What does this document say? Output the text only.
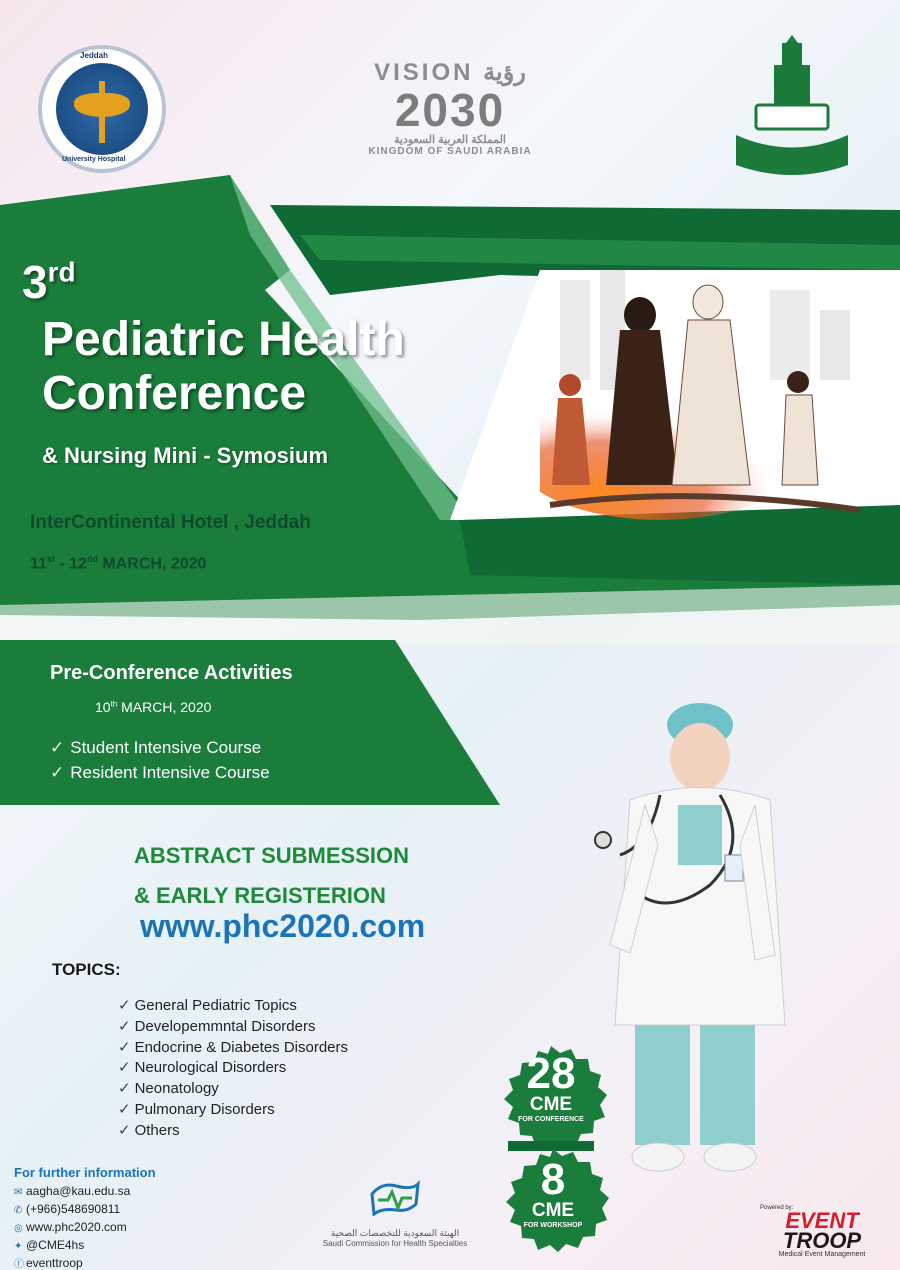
Jeddah
University Hospital
VISION رؤية
2030
المملكة العربية السعودية
KINGDOM OF SAUDI ARABIA
3rd
Pediatric Health
Conference
& Nursing Mini - Symosium
InterContinental Hotel , Jeddah
11st - 12nd MARCH, 2020
Pre-Conference Activities
10th MARCH, 2020
✓ Student Intensive Course
✓ Resident Intensive Course
ABSTRACT SUBMESSION
& EARLY REGISTERION
www.phc2020.com
TOPICS:
✓ General Pediatric Topics
✓ Developemmntal Disorders
✓ Endocrine & Diabetes Disorders
✓ Neurological Disorders
✓ Neonatology
✓ Pulmonary Disorders
✓ Others
28
CME
FOR CONFERENCE
8
CME
FOR WORKSHOP
For further information
✉ aagha@kau.edu.sa
✆ (+966)548690811
◎ www.phc2020.com
✦ @CME4hs
ⓕ eventtroop
الهيئة السعودية للتخصصات الصحية
Saudi Commission for Health Specialties
Powered by:
EVENT
TROOP
Medical Event Management
